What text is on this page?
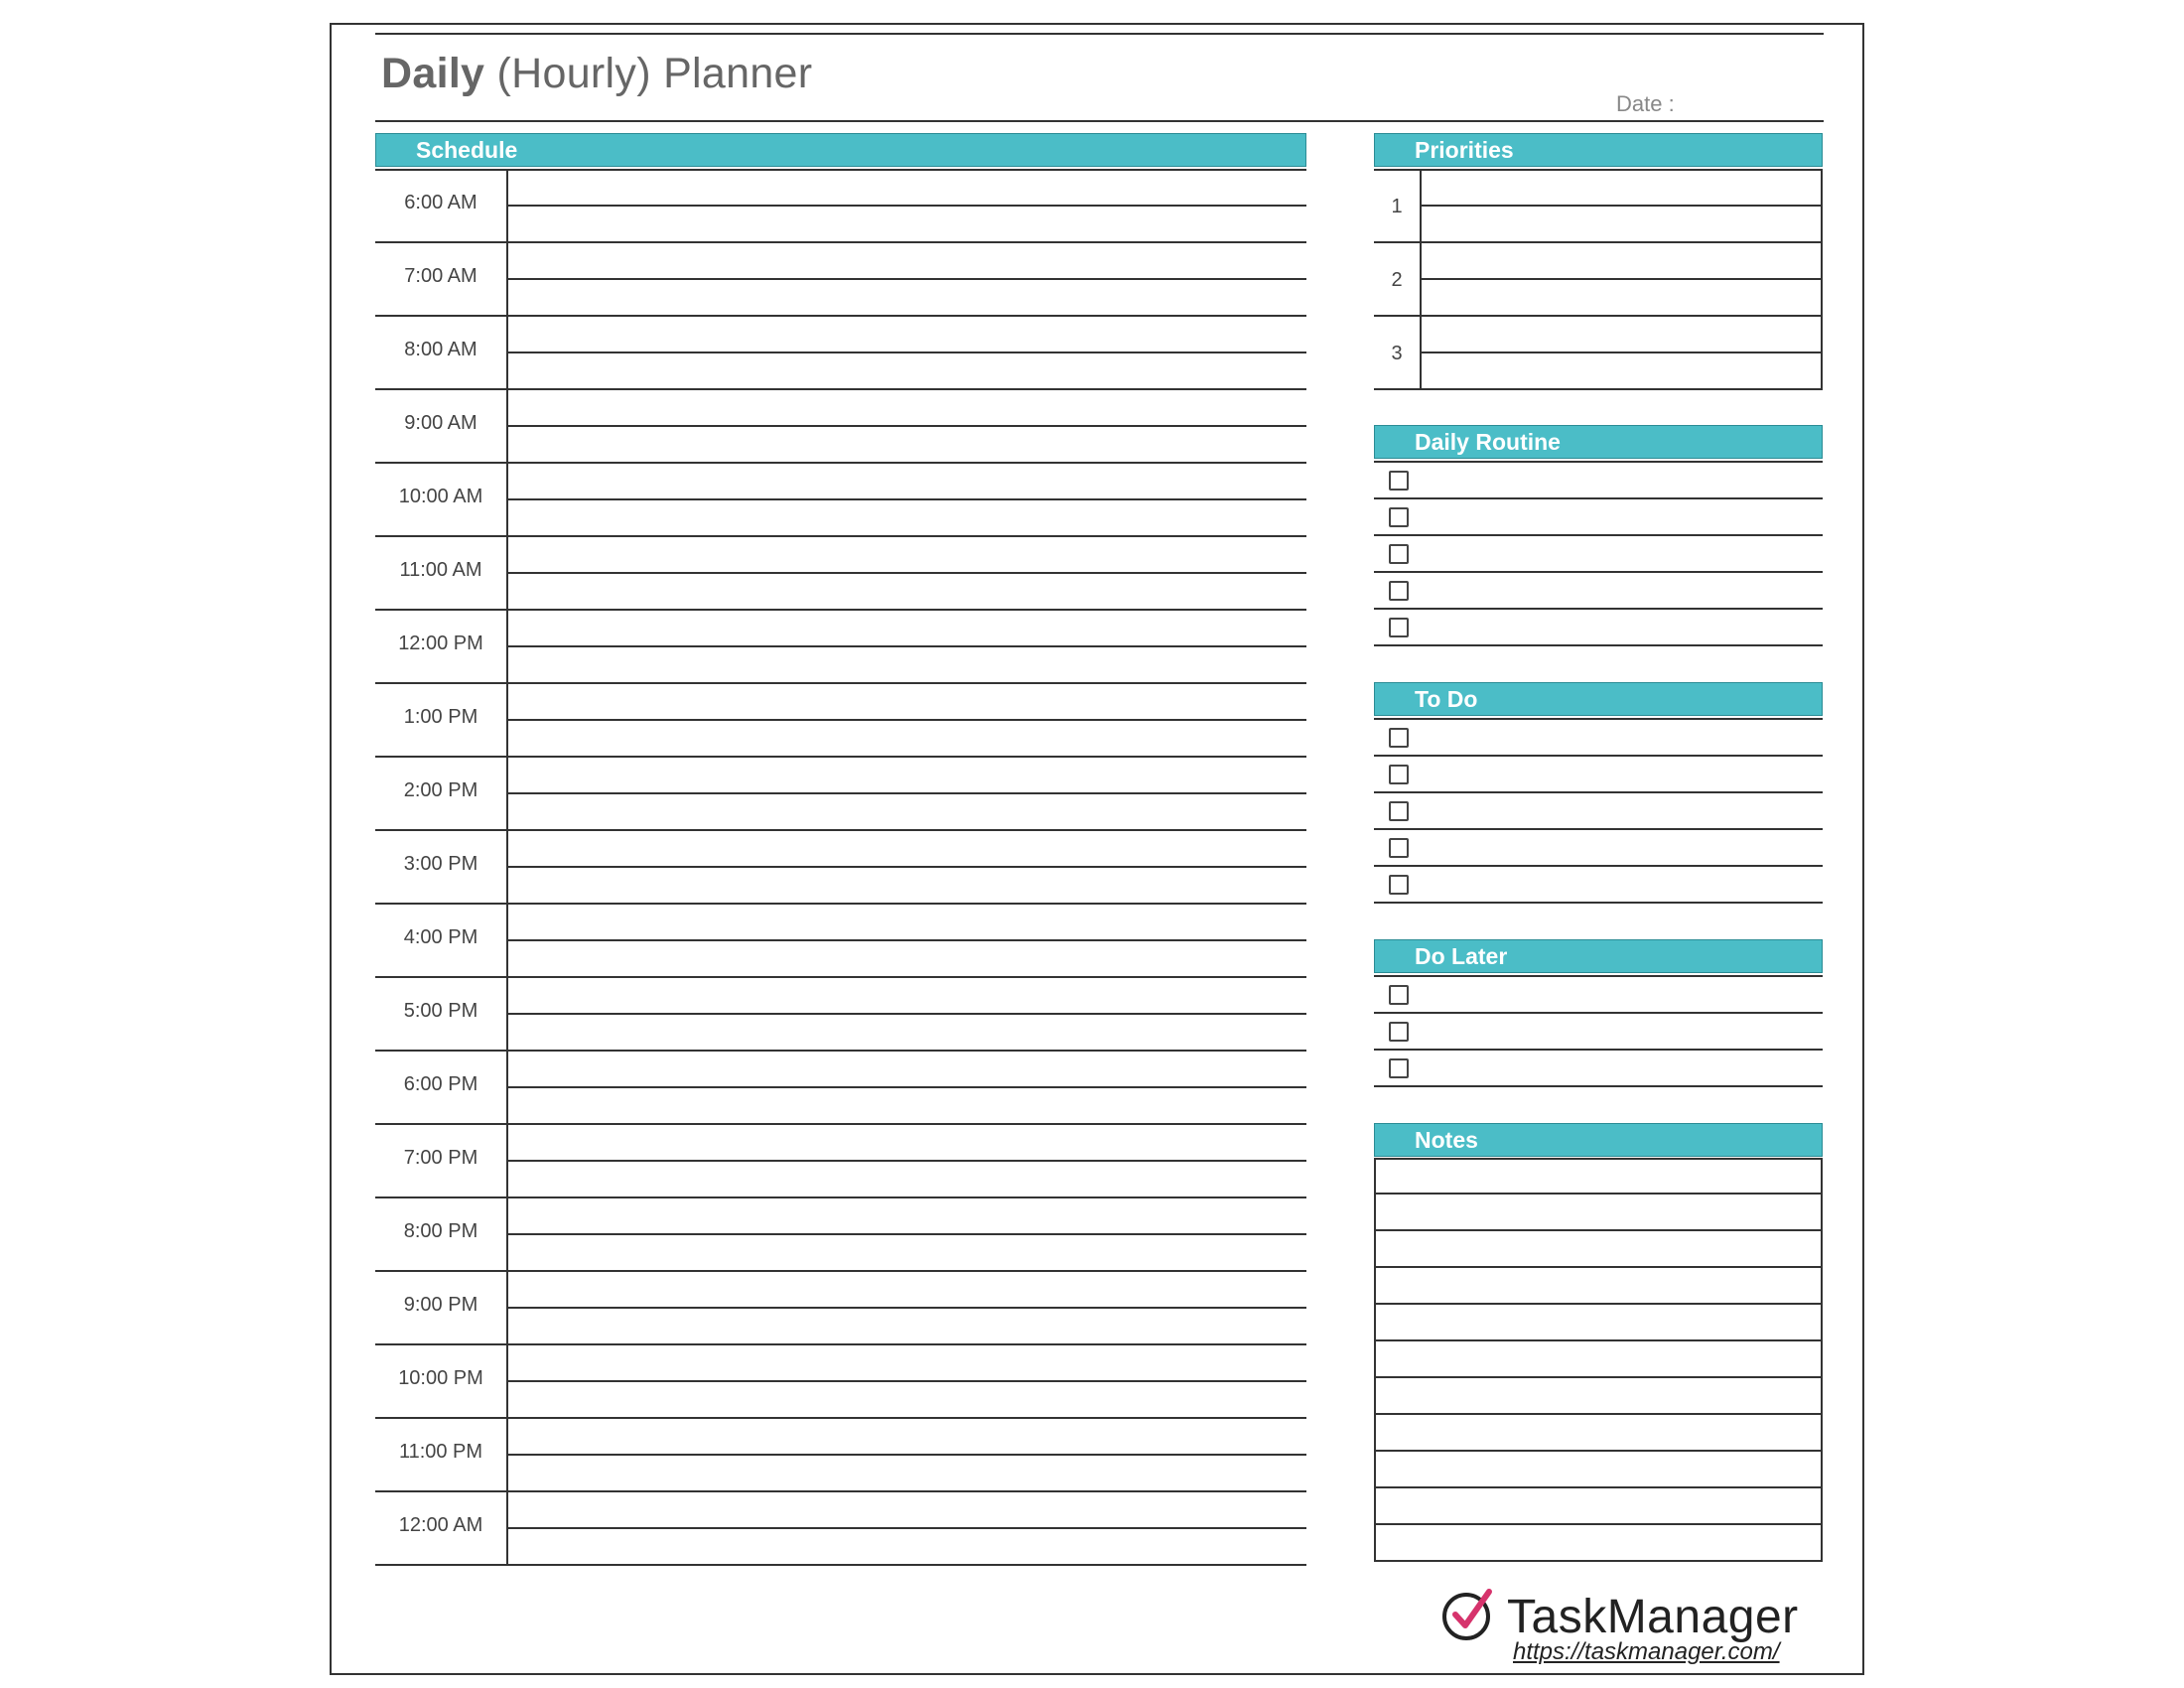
Daily (Hourly) Planner
Date :
Schedule
6:00 AM
7:00 AM
8:00 AM
9:00 AM
10:00 AM
11:00 AM
12:00 PM
1:00 PM
2:00 PM
3:00 PM
4:00 PM
5:00 PM
6:00 PM
7:00 PM
8:00 PM
9:00 PM
10:00 PM
11:00 PM
12:00 AM
Priorities
1
2
3
Daily Routine
To Do
Do Later
Notes
TaskManager
https://taskmanager.com/
